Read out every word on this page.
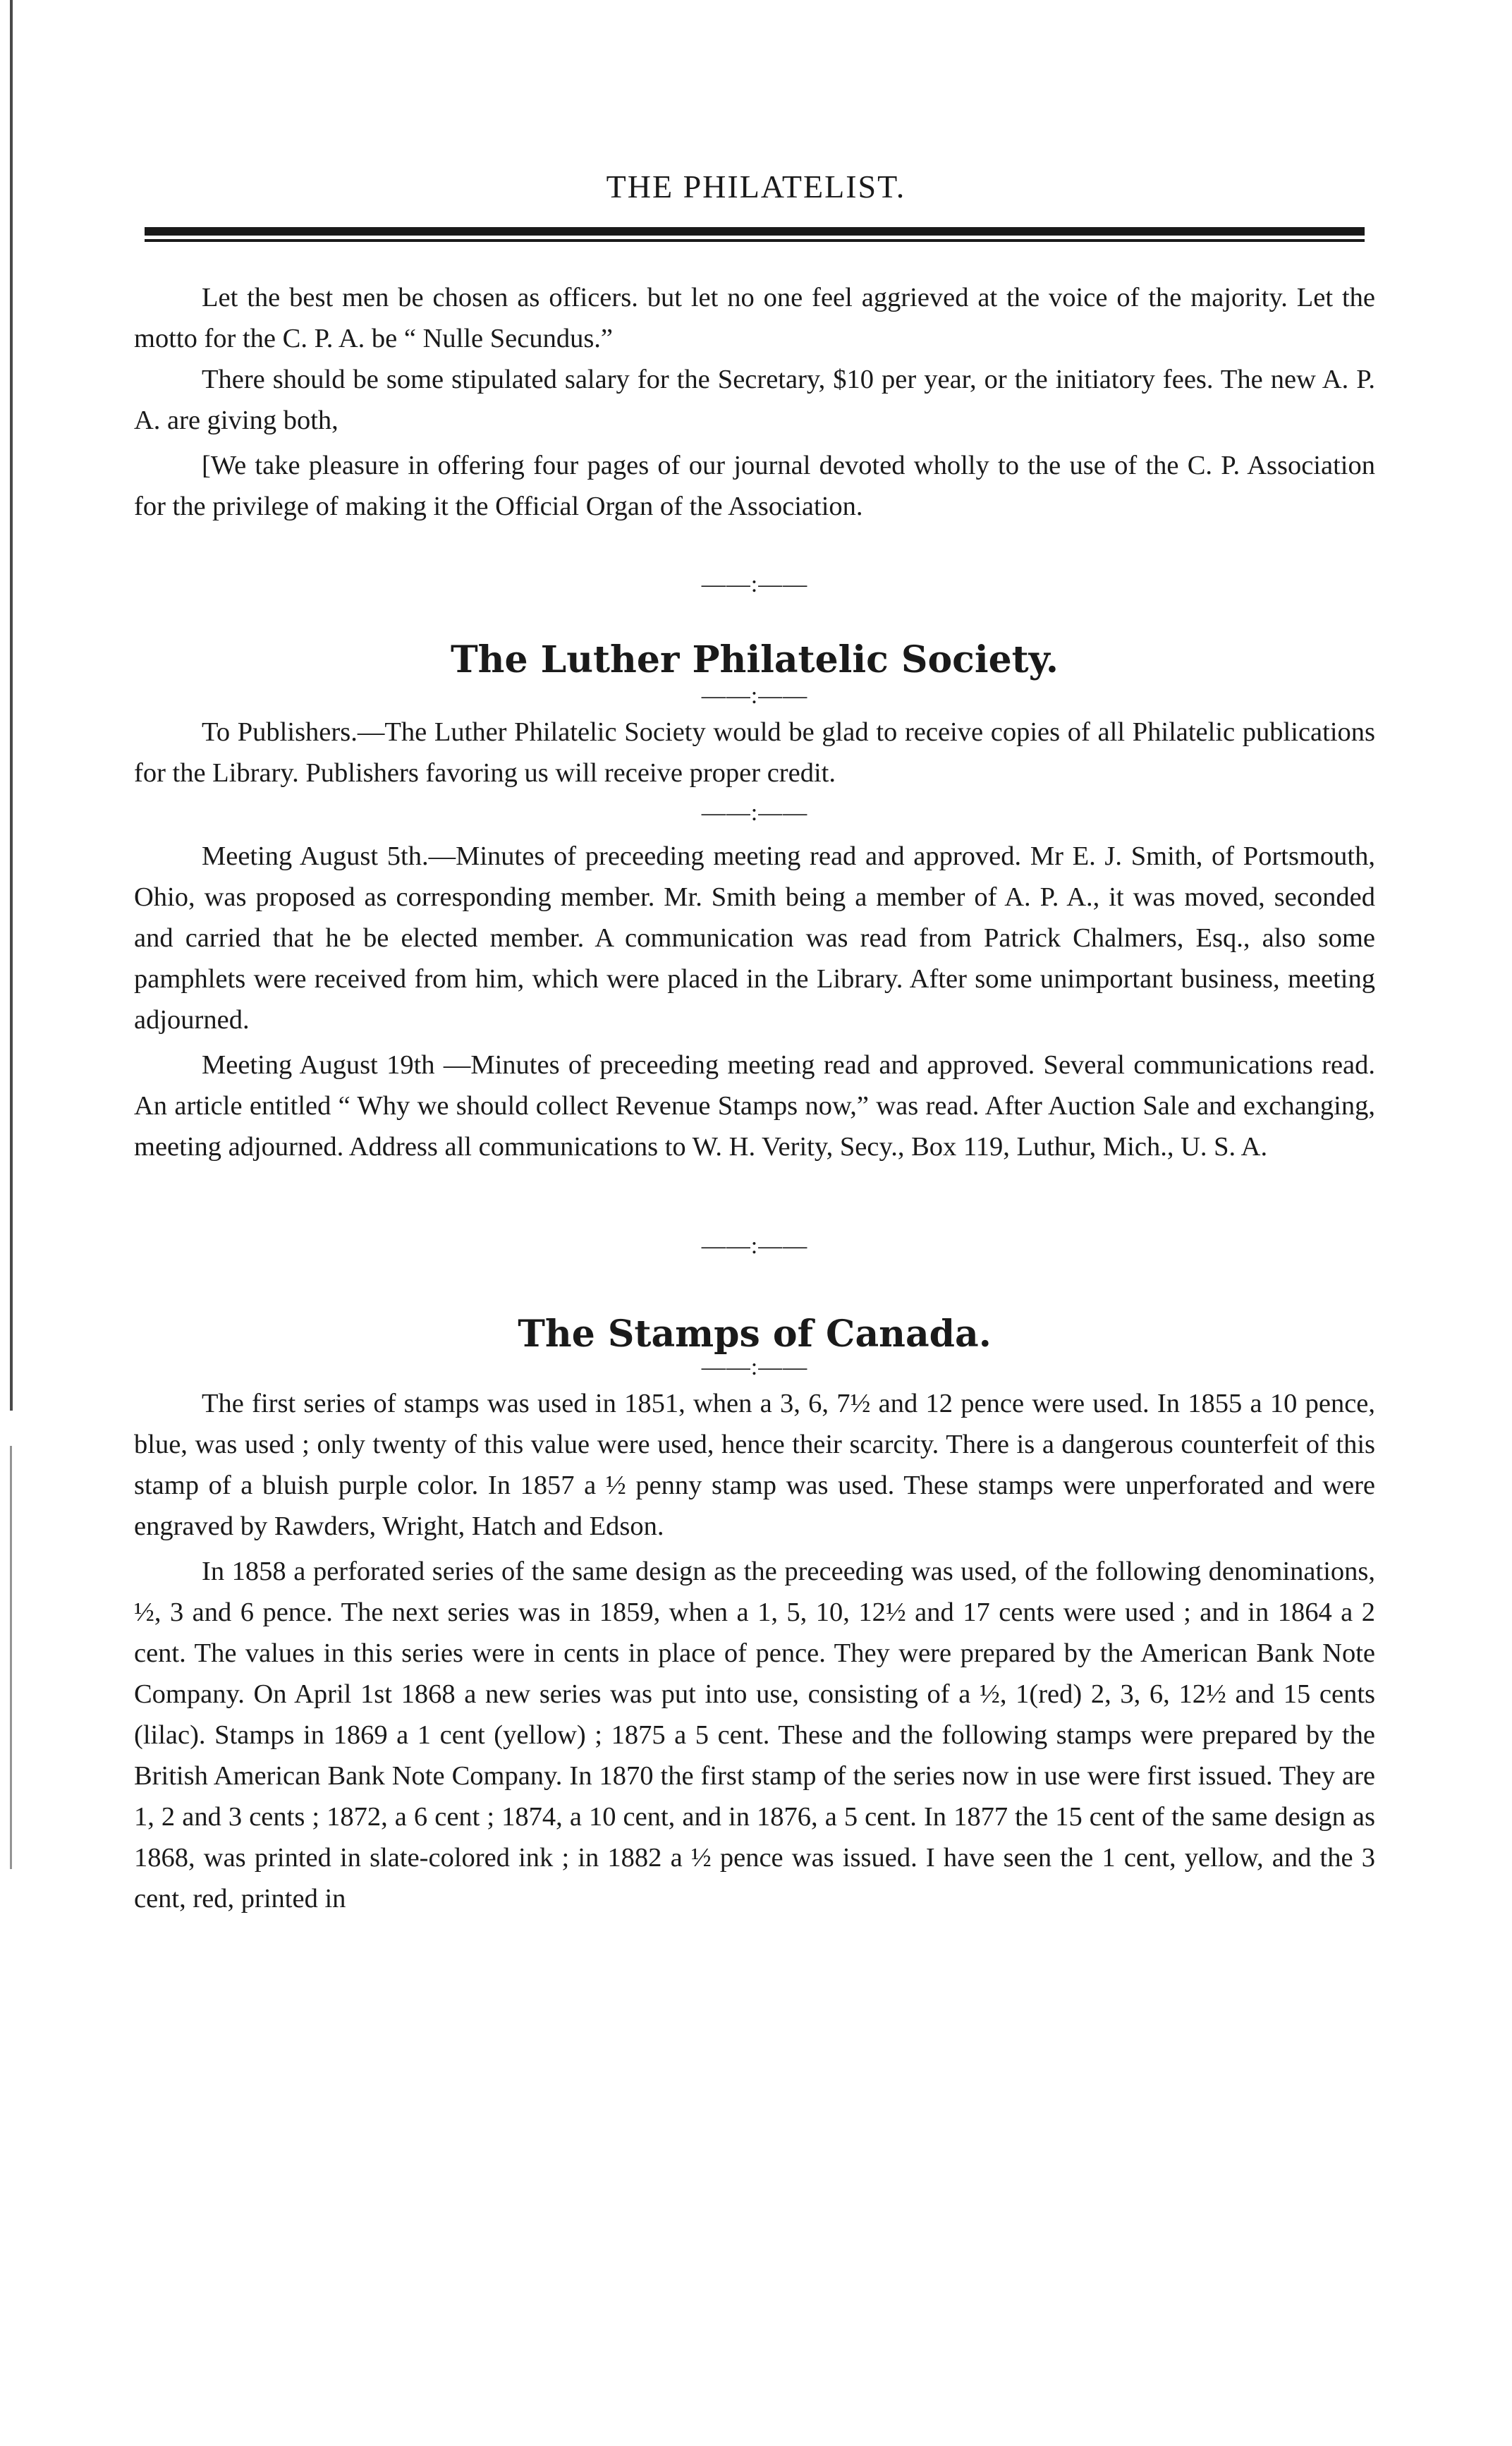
THE PHILATELIST.

Let the best men be chosen as officers. but let no one feel aggrieved at the voice of the majority. Let the motto for the C. P. A. be “ Nulle Secundus.”

There should be some stipulated salary for the Secretary, $10 per year, or the initiatory fees. The new A. P. A. are giving both,

[We take pleasure in offering four pages of our journal devoted wholly to the use of the C. P. Association for the privilege of making it the Official Organ of the Association.

——:——
The Luther Philatelic Society.
——:——

To Publishers.—The Luther Philatelic Society would be glad to receive copies of all Philatelic publications for the Library. Publishers favoring us will receive proper credit.

——:——

Meeting August 5th.—Minutes of preceeding meeting read and approved. Mr E. J. Smith, of Portsmouth, Ohio, was proposed as corresponding member. Mr. Smith being a member of A. P. A., it was moved, seconded and carried that he be elected member. A communication was read from Patrick Chalmers, Esq., also some pamphlets were received from him, which were placed in the Library. After some unimportant business, meeting adjourned.

Meeting August 19th —Minutes of preceeding meeting read and approved. Several communications read. An article entitled “ Why we should collect Revenue Stamps now,” was read. After Auction Sale and exchanging, meeting adjourned. Address all communications to W. H. Verity, Secy., Box 119, Luthur, Mich., U. S. A.

——:——
The Stamps of Canada.
——:——

The first series of stamps was used in 1851, when a 3, 6, 7½ and 12 pence were used. In 1855 a 10 pence, blue, was used ; only twenty of this value were used, hence their scarcity. There is a dangerous counterfeit of this stamp of a bluish purple color. In 1857 a ½ penny stamp was used. These stamps were unperforated and were engraved by Rawders, Wright, Hatch and Edson.

In 1858 a perforated series of the same design as the preceeding was used, of the following denominations, ½, 3 and 6 pence. The next series was in 1859, when a 1, 5, 10, 12½ and 17 cents were used ; and in 1864 a 2 cent. The values in this series were in cents in place of pence. They were prepared by the American Bank Note Company. On April 1st 1868 a new series was put into use, consisting of a ½, 1(red) 2, 3, 6, 12½ and 15 cents (lilac). Stamps in 1869 a 1 cent (yellow) ; 1875 a 5 cent. These and the following stamps were prepared by the British American Bank Note Company. In 1870 the first stamp of the series now in use were first issued. They are 1, 2 and 3 cents ; 1872, a 6 cent ; 1874, a 10 cent, and in 1876, a 5 cent. In 1877 the 15 cent of the same design as 1868, was printed in slate-colored ink ; in 1882 a ½ pence was issued. I have seen the 1 cent, yellow, and the 3 cent, red, printed in
